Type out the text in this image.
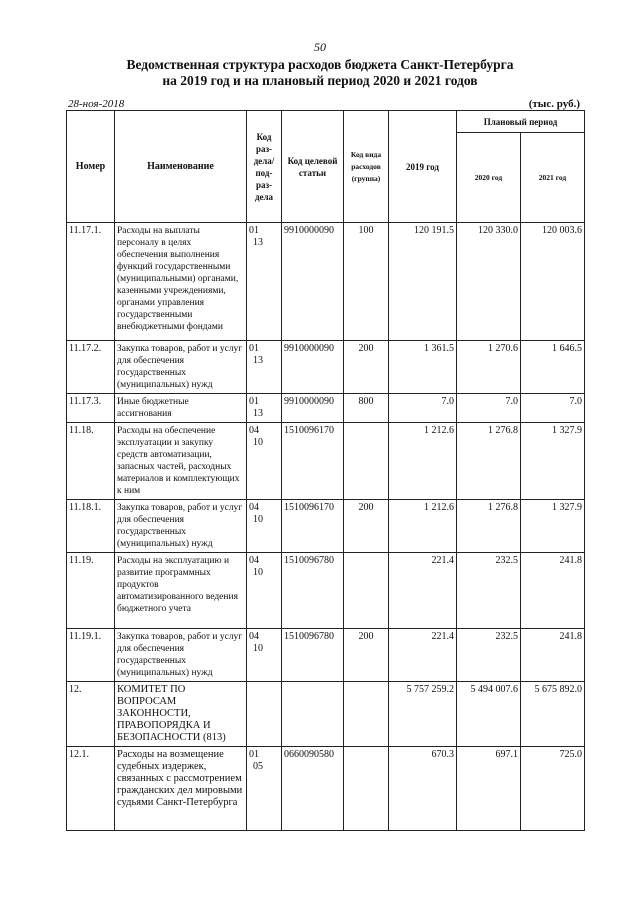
50
Ведомственная структура расходов бюджета Санкт-Петербурга
на 2019 год и на плановый период 2020 и 2021 годов
28-ноя-2018	(тыс. руб.)
Номер	Наименование	Код раз-дела/ под-раз-дела	Код целевой статьи	Код вида расходов (группа)	2019 год	Плановый период	
						2020 год	2021 год
11.17.1.	Расходы на выплаты персоналу в целях обеспечения выполнения функций государственными (муниципальными) органами, казенными учреждениями, органами управления государственными внебюджетными фондами	0113	9910000090	100	120 191.5	120 330.0	120 003.6
11.17.2.	Закупка товаров, работ и услуг для обеспечения государственных (муниципальных) нужд	0113	9910000090	200	1 361.5	1 270.6	1 646.5
11.17.3.	Иные бюджетные ассигнования	0113	9910000090	800	7.0	7.0	7.0
11.18.	Расходы на обеспечение эксплуатации и закупку средств автоматизации, запасных частей, расходных материалов и комплектующих к ним	0410	1510096170		1 212.6	1 276.8	1 327.9
11.18.1.	Закупка товаров, работ и услуг для обеспечения государственных (муниципальных) нужд	0410	1510096170	200	1 212.6	1 276.8	1 327.9
11.19.	Расходы на эксплуатацию и развитие программных продуктов автоматизированного ведения бюджетного учета	0410	1510096780		221.4	232.5	241.8
11.19.1.	Закупка товаров, работ и услуг для обеспечения государственных (муниципальных) нужд	0410	1510096780	200	221.4	232.5	241.8
12.	КОМИТЕТ ПО ВОПРОСАМ ЗАКОННОСТИ, ПРАВОПОРЯДКА И БЕЗОПАСНОСТИ (813)				5 757 259.2	5 494 007.6	5 675 892.0
12.1.	Расходы на возмещение судебных издержек, связанных с рассмотрением гражданских дел мировыми судьями Санкт-Петербурга	0105	0660090580		670.3	697.1	725.0
